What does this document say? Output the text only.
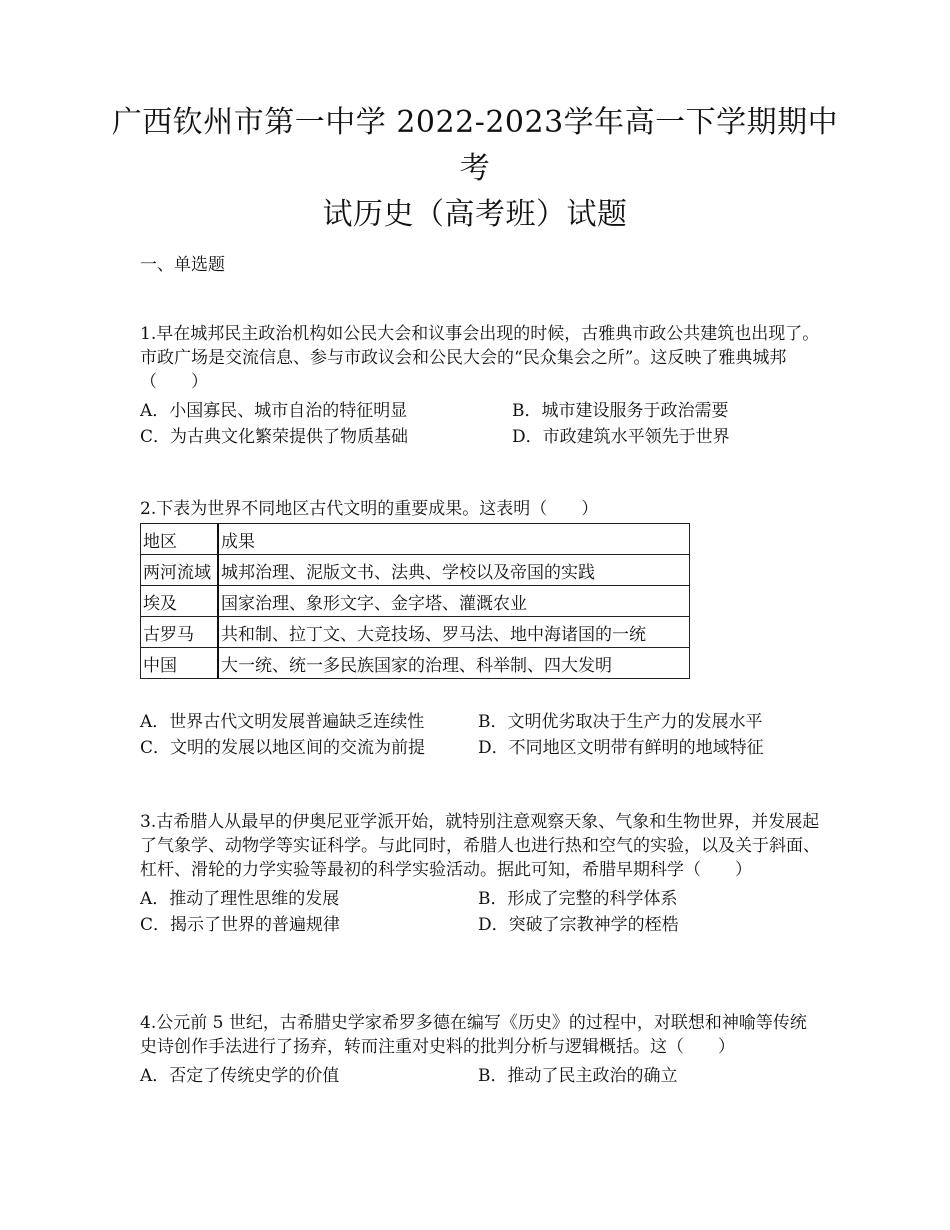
广西钦州市第一中学 2022-2023学年高一下学期期中考
试历史（高考班）试题
一、单选题

1.早在城邦民主政治机构如公民大会和议事会出现的时候，古雅典市政公共建筑也出现了。市政广场是交流信息、参与市政议会和公民大会的“民众集会之所”。这反映了雅典城邦（　　）

A．小国寡民、城市自治的特征明显	B．城市建设服务于政治需要
C．为古典文化繁荣提供了物质基础	D．市政建筑水平领先于世界

2.下表为世界不同地区古代文明的重要成果。这表明（　　）

地区	成果
两河流域	城邦治理、泥版文书、法典、学校以及帝国的实践
埃及	国家治理、象形文字、金字塔、灌溉农业
古罗马	共和制、拉丁文、大竞技场、罗马法、地中海诸国的一统
中国	大一统、统一多民族国家的治理、科举制、四大发明
A．世界古代文明发展普遍缺乏连续性	B．文明优劣取决于生产力的发展水平
C．文明的发展以地区间的交流为前提	D．不同地区文明带有鲜明的地域特征

3.古希腊人从最早的伊奥尼亚学派开始，就特别注意观察天象、气象和生物世界，并发展起了气象学、动物学等实证科学。与此同时，希腊人也进行热和空气的实验，以及关于斜面、杠杆、滑轮的力学实验等最初的科学实验活动。据此可知，希腊早期科学（　　）

A．推动了理性思维的发展	B．形成了完整的科学体系
C．揭示了世界的普遍规律	D．突破了宗教神学的桎梏

4.公元前 5 世纪，古希腊史学家希罗多德在编写《历史》的过程中，对联想和神喻等传统史诗创作手法进行了扬弃，转而注重对史料的批判分析与逻辑概括。这（　　）

A．否定了传统史学的价值	B．推动了民主政治的确立
